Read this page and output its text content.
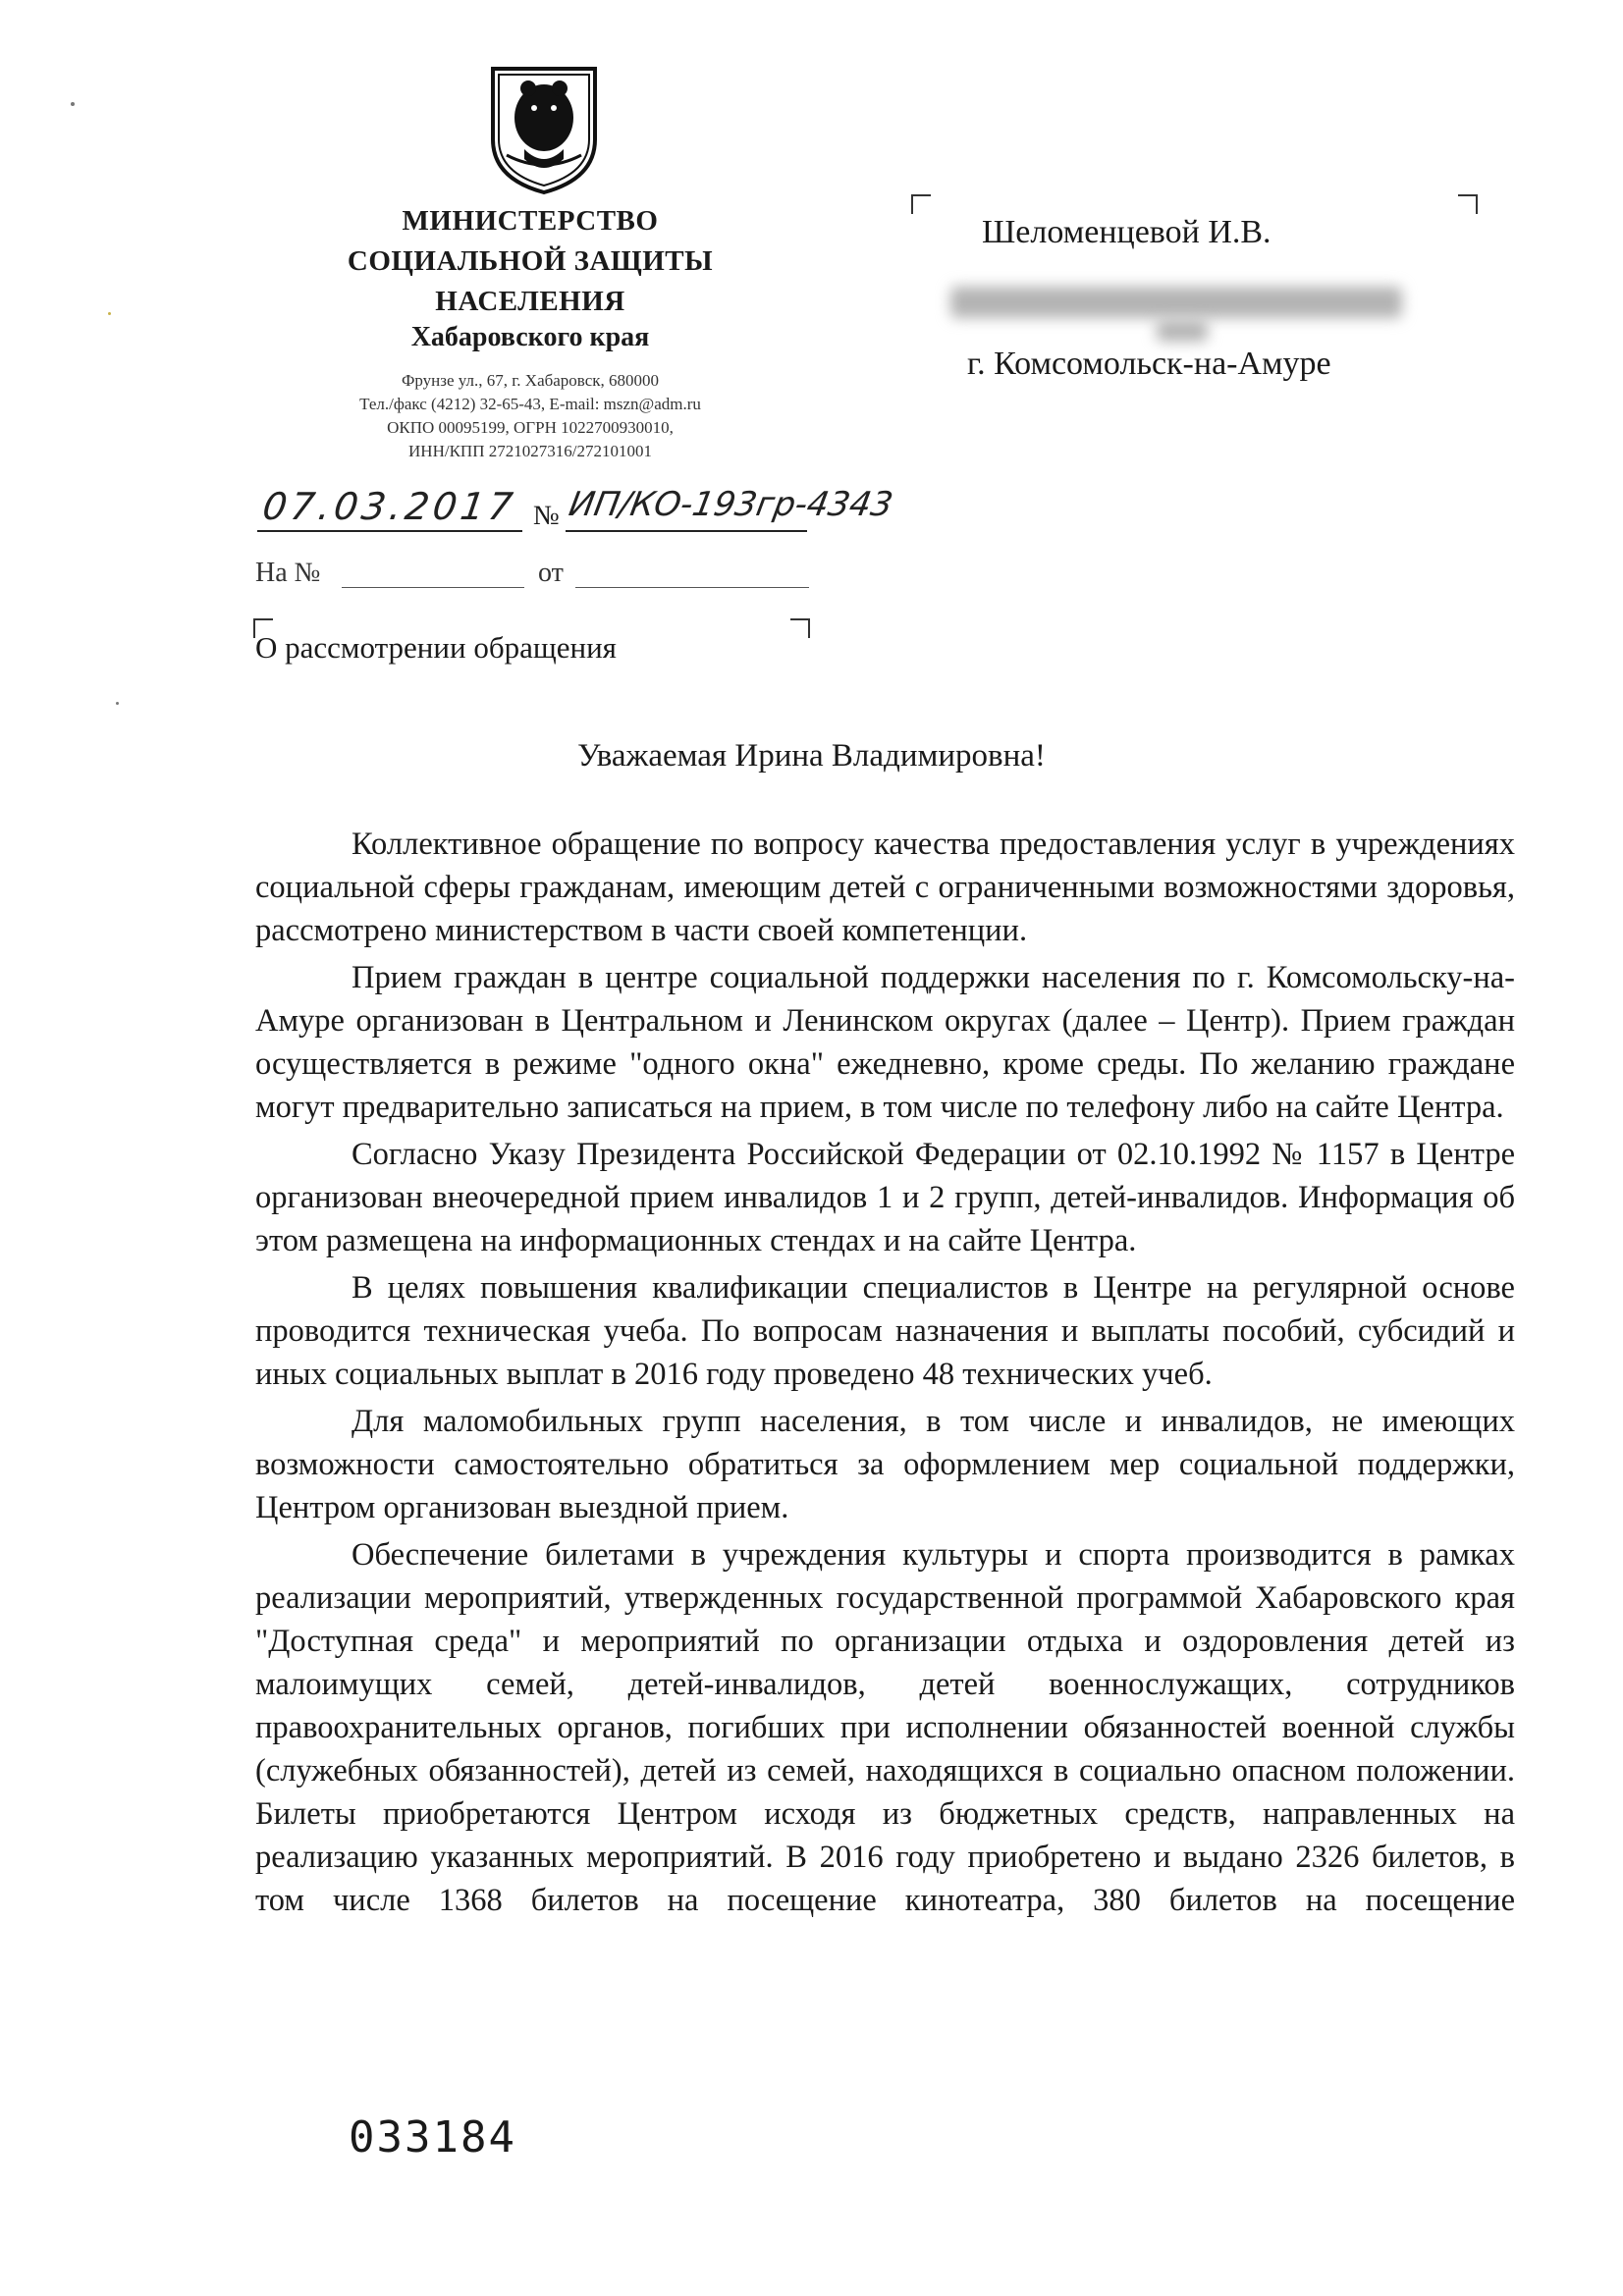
МИНИСТЕРСТВО
СОЦИАЛЬНОЙ ЗАЩИТЫ
НАСЕЛЕНИЯ
Хабаровского края
Фрунзе ул., 67, г. Хабаровск, 680000
Тел./факс (4212) 32-65-43, E-mail: mszn@adm.ru
ОКПО 00095199, ОГРН 1022700930010,
ИНН/КПП 2721027316/272101001
07.03.2017 № ИП/КО-193гр-4343
На №	от
О рассмотрении обращения
Шеломенцевой И.В.
г. Комсомольск-на-Амуре
Уважаемая Ирина Владимировна!

Коллективное обращение по вопросу качества предоставления услуг в учреждениях социальной сферы гражданам, имеющим детей с ограниченными возможностями здоровья, рассмотрено министерством в части своей компетенции.

Прием граждан в центре социальной поддержки населения по г. Комсомольску-на-Амуре организован в Центральном и Ленинском округах (далее – Центр). Прием граждан осуществляется в режиме "одного окна" ежедневно, кроме среды. По желанию граждане могут предварительно записаться на прием, в том числе по телефону либо на сайте Центра.

Согласно Указу Президента Российской Федерации от 02.10.1992 № 1157 в Центре организован внеочередной прием инвалидов 1 и 2 групп, детей-инвалидов. Информация об этом размещена на информационных стендах и на сайте Центра.

В целях повышения квалификации специалистов в Центре на регулярной основе проводится техническая учеба. По вопросам назначения и выплаты пособий, субсидий и иных социальных выплат в 2016 году проведено 48 технических учеб.

Для маломобильных групп населения, в том числе и инвалидов, не имеющих возможности самостоятельно обратиться за оформлением мер социальной поддержки, Центром организован выездной прием.

Обеспечение билетами в учреждения культуры и спорта производится в рамках реализации мероприятий, утвержденных государственной программой Хабаровского края "Доступная среда" и мероприятий по организации отдыха и оздоровления детей из малоимущих семей, детей-инвалидов, детей военнослужащих, сотрудников правоохранительных органов, погибших при исполнении обязанностей военной службы (служебных обязанностей), детей из семей, находящихся в социально опасном положении. Билеты приобретаются Центром исходя из бюджетных средств, направленных на реализацию указанных мероприятий. В 2016 году приобретено и выдано 2326 билетов, в том числе 1368 билетов на посещение кинотеатра, 380 билетов на посещение

033184
